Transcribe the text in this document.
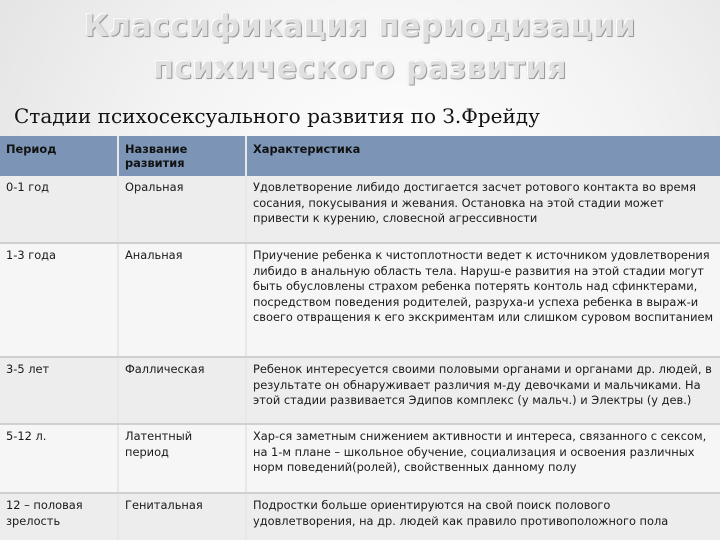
Классификация периодизации
психического развития
Стадии психосексуального развития по З.Фрейду
Период	Название развития	Характеристика
0-1 год	Оральная	Удовлетворение либидо достигается засчет ротового контакта во время сосания, покусывания и жевания. Остановка на этой стадии может привести к курению, словесной агрессивности
1-3 года	Анальная	Приучение ребенка к чистоплотности ведет к источником удовлетворения либидо в анальную область тела. Наруш-е развития на этой стадии могут быть обусловлены страхом ребенка потерять контоль над сфинктерами, посредством поведения родителей, разруха-и успеха ребенка в выраж-и своего отвращения к его экскриментам или слишком суровом воспитанием
3-5 лет	Фаллическая	Ребенок интересуется своими половыми органами и органами др. людей, в результате он обнаруживает различия м-ду девочками и мальчиками. На этой стадии развивается Эдипов комплекс (у мальч.) и Электры (у дев.)
5-12 л.	Латентный период	Хар-ся заметным снижением активности и интереса, связанного с сексом, на 1-м плане – школьное обучение, социализация и освоения различных норм поведений(ролей), свойственных данному полу
12 – половая зрелость	Генитальная	Подростки больше ориентируются на свой поиск полового удовлетворения, на др. людей как правило противоположного пола
